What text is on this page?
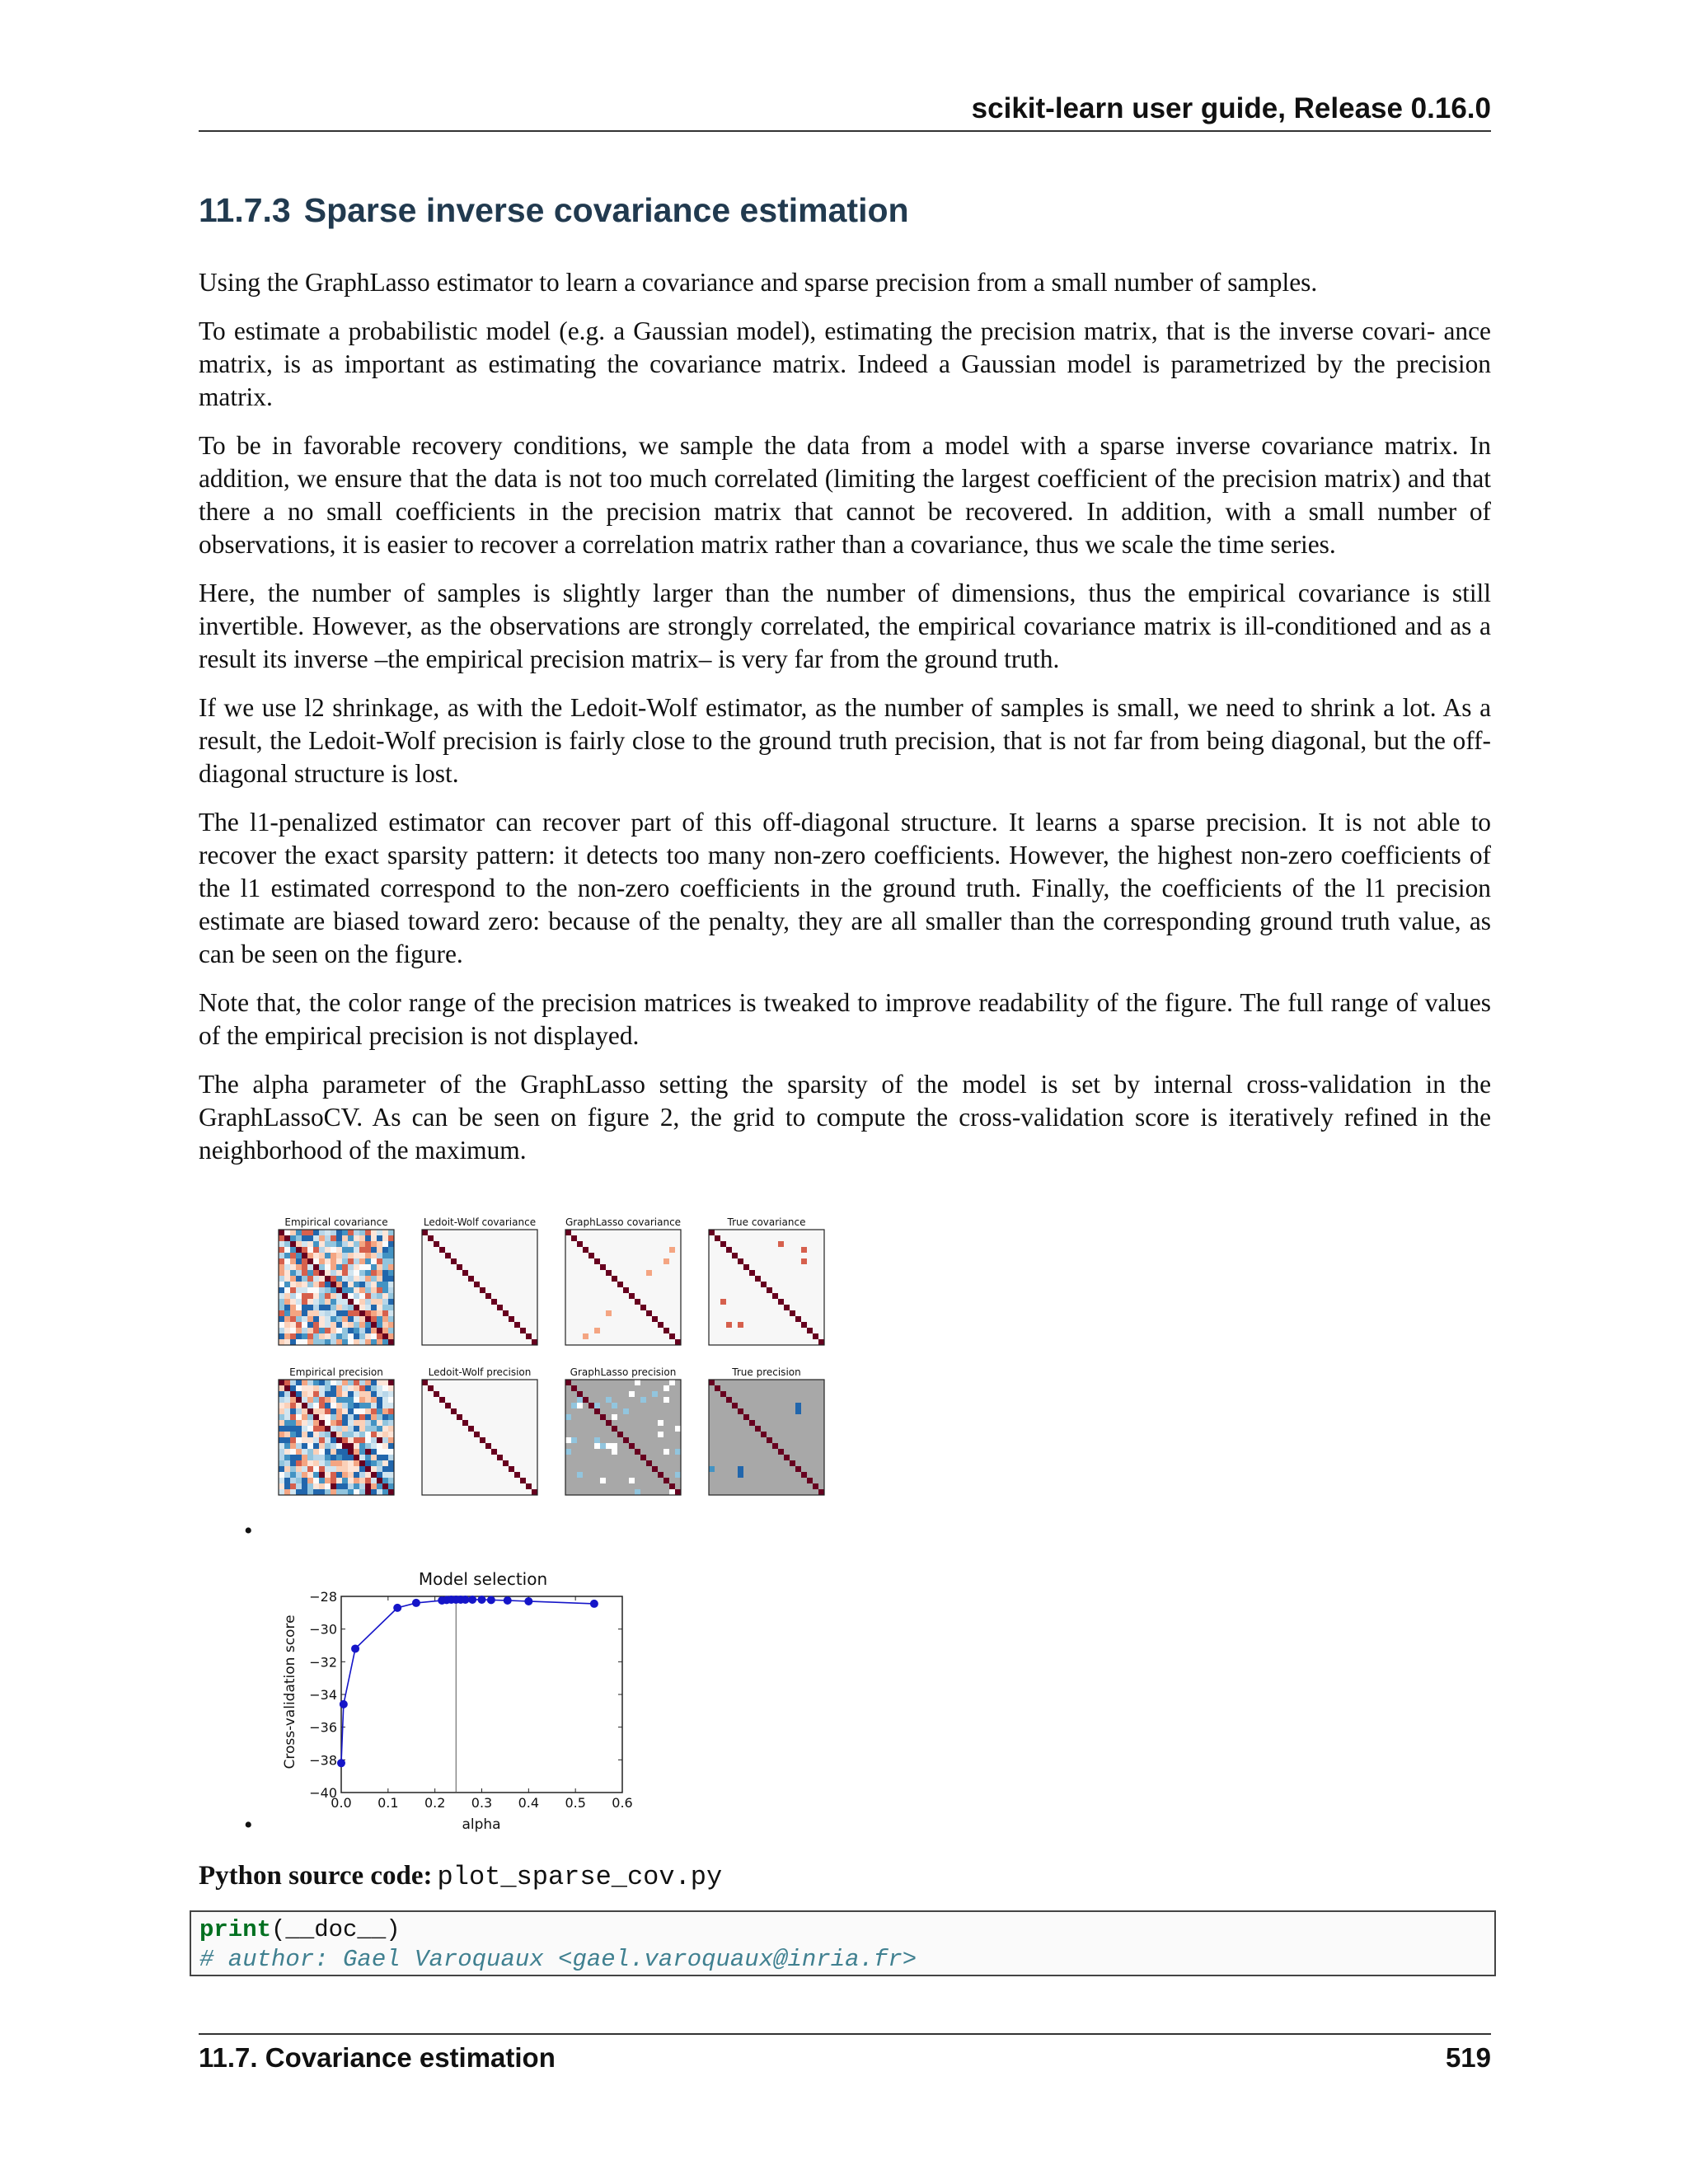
scikit-learn user guide, Release 0.16.0
11.7.3 Sparse inverse covariance estimation

Using the GraphLasso estimator to learn a covariance and sparse precision from a small number of samples.

To estimate a probabilistic model (e.g. a Gaussian model), estimating the precision matrix, that is the inverse covari- ance matrix, is as important as estimating the covariance matrix. Indeed a Gaussian model is parametrized by the precision matrix.

To be in favorable recovery conditions, we sample the data from a model with a sparse inverse covariance matrix. In addition, we ensure that the data is not too much correlated (limiting the largest coefficient of the precision matrix) and that there a no small coefficients in the precision matrix that cannot be recovered. In addition, with a small number of observations, it is easier to recover a correlation matrix rather than a covariance, thus we scale the time series.

Here, the number of samples is slightly larger than the number of dimensions, thus the empirical covariance is still invertible. However, as the observations are strongly correlated, the empirical covariance matrix is ill-conditioned and as a result its inverse –the empirical precision matrix– is very far from the ground truth.

If we use l2 shrinkage, as with the Ledoit-Wolf estimator, as the number of samples is small, we need to shrink a lot. As a result, the Ledoit-Wolf precision is fairly close to the ground truth precision, that is not far from being diagonal, but the off-diagonal structure is lost.

The l1-penalized estimator can recover part of this off-diagonal structure. It learns a sparse precision. It is not able to recover the exact sparsity pattern: it detects too many non-zero coefficients. However, the highest non-zero coefficients of the l1 estimated correspond to the non-zero coefficients in the ground truth. Finally, the coefficients of the l1 precision estimate are biased toward zero: because of the penalty, they are all smaller than the corresponding ground truth value, as can be seen on the figure.

Note that, the color range of the precision matrices is tweaked to improve readability of the figure. The full range of values of the empirical precision is not displayed.

The alpha parameter of the GraphLasso setting the sparsity of the model is set by internal cross-validation in the GraphLassoCV. As can be seen on figure 2, the grid to compute the cross-validation score is iteratively refined in the neighborhood of the maximum.

Empirical covariance	Ledoit-Wolf covariance	GraphLasso covariance	True covariance
Empirical precision	Ledoit-Wolf precision	GraphLasso precision	True precision
•
Model selection
alpha
Cross-validation score
0.0 0.1 0.2 0.3 0.4 0.5 0.6
−28
−30
−32
−34
−36
−38
−40
•
Python source code: plot_sparse_cov.py
print(__doc__)
# author: Gael Varoquaux <gael.varoquaux@inria.fr>
11.7. Covariance estimation	519
